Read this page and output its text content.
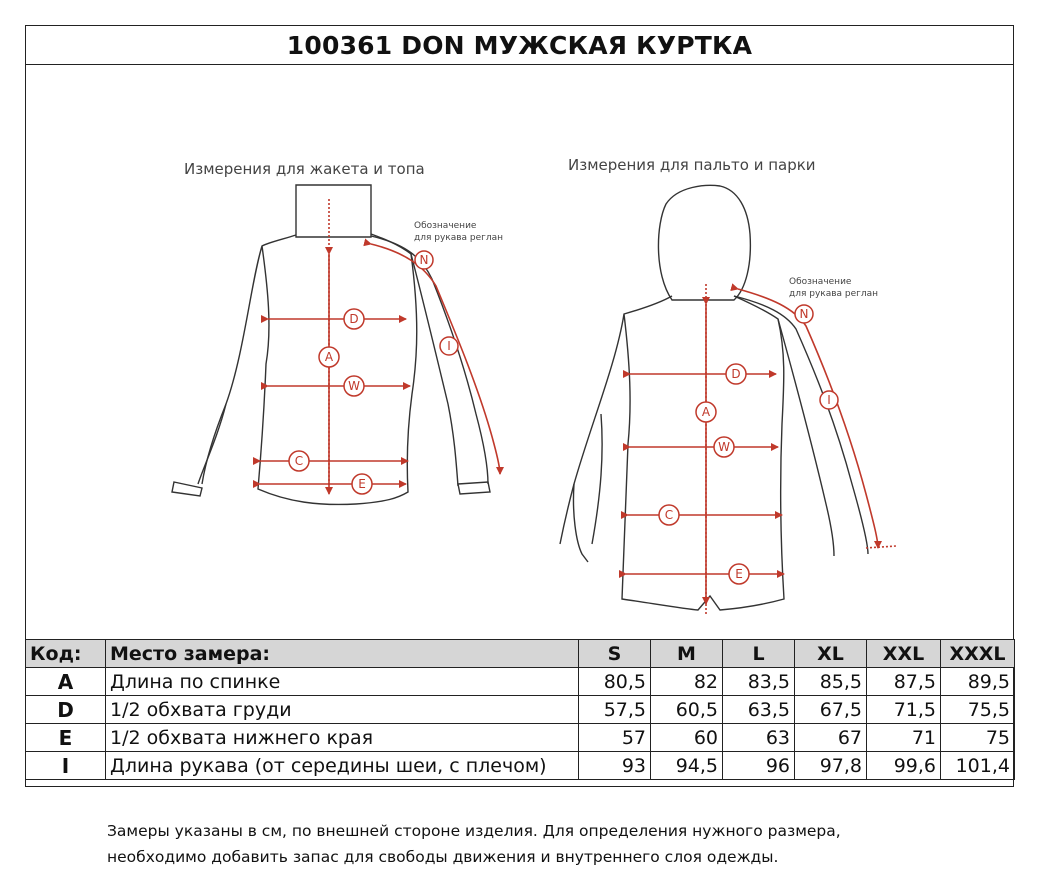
100361 DON МУЖСКАЯ КУРТКА
Измерения для жакета и топа	Измерения для пальто и парки
N
I
D
A
W
C
E
Обозначение
для рукава реглан
N
I
D
A
W
C
E
Обозначение
для рукава реглан
Код:	Место замера:	S	M	L	XL	XXL	XXXL
A	Длина по спинке	80,5	82	83,5	85,5	87,5	89,5
D	1/2 обхвата груди	57,5	60,5	63,5	67,5	71,5	75,5
E	1/2 обхвата нижнего края	57	60	63	67	71	75
I	Длина рукава (от середины шеи, с плечом)	93	94,5	96	97,8	99,6	101,4
Замеры указаны в см, по внешней стороне изделия. Для определения нужного размера,
необходимо добавить запас для свободы движения и внутреннего слоя одежды.
